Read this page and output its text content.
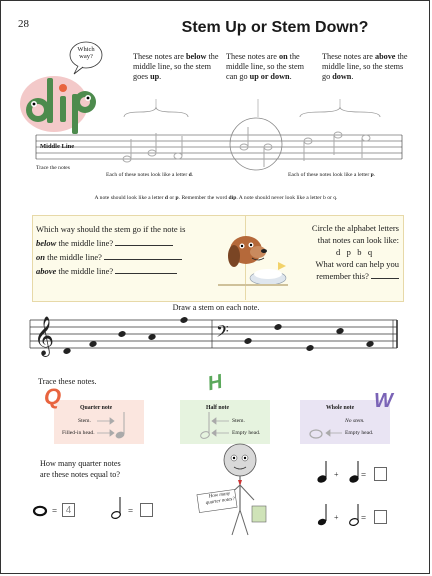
28	Stem Up or Stem Down?
Which
way?	These notes are below the middle line, so the stem goes up.
These notes are on the middle line, so the stem can go up or down.
These notes are above the middle line, so the stems go down.
Middle Line
Trace the notes
Each of these notes look like a letter d.	Each of these notes look like a letter p.
A note should look like a letter d or p. Remember the word dip. A note should never look like a letter b or q.
Which way should the stem go if the note is
below the middle line?
on the middle line?
above the middle line?
Circle the alphabet letters
that notes can look like:
d   p   b   q
What word can help you
remember this?
Draw a stem on each note.
𝄞	𝄢
Trace these notes.
Quarter note
Stem.
Filled-in head.
Half note
Stem.
Empty head.
Whole note
No stem.
Empty head.
Q
H
W
How many quarter notes
are these notes equal to?
= 4	=
How many quarter notes?
+ =
+ =
